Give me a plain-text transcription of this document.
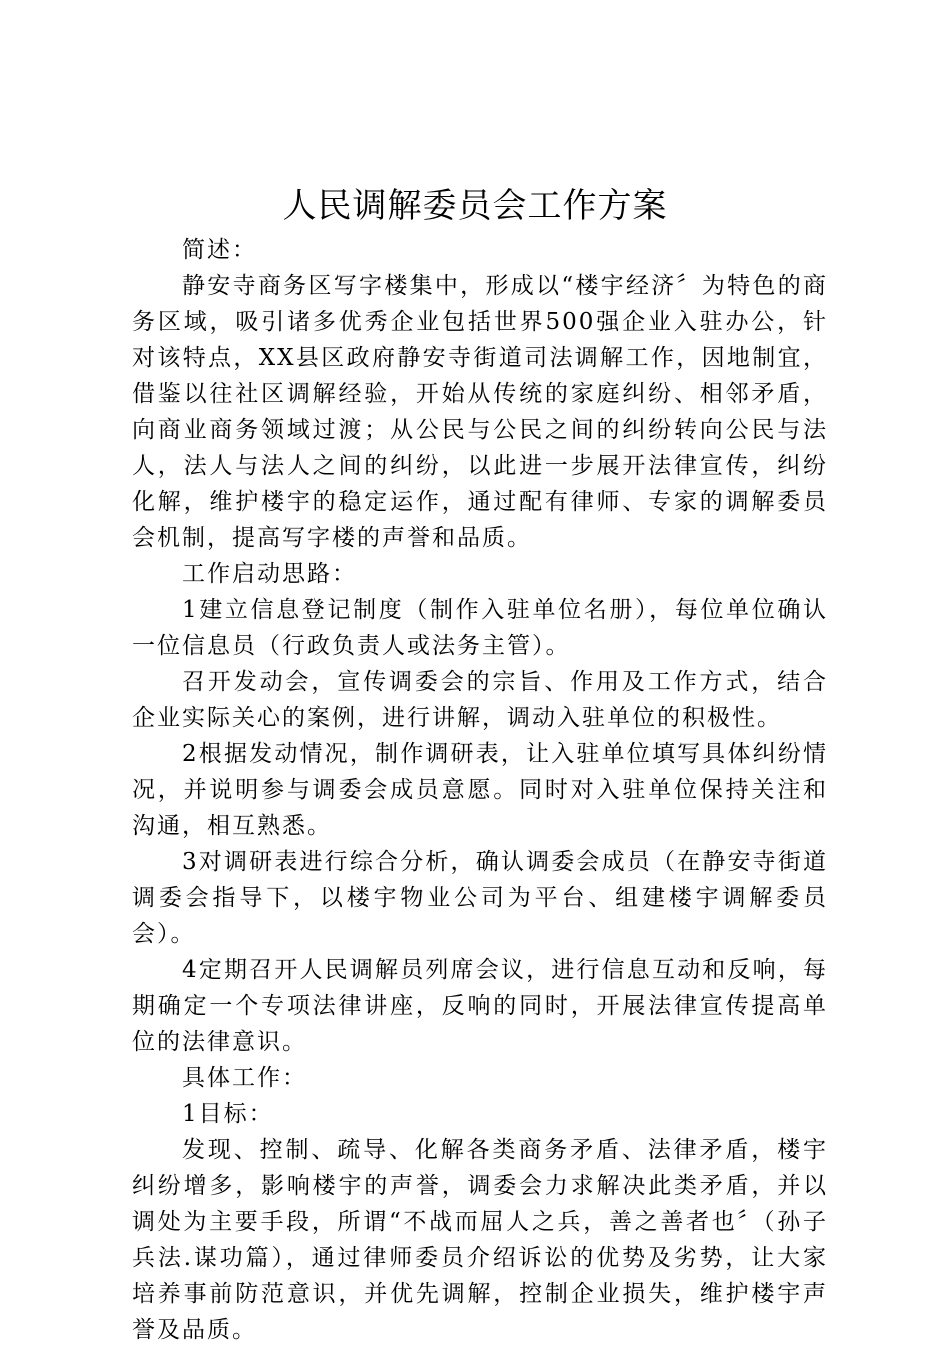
人民调解委员会工作方案

简述：

静安寺商务区写字楼集中，形成以“楼宇经济〞为特色的商务区域，吸引诸多优秀企业包括世界500强企业入驻办公，针对该特点，XX县区政府静安寺街道司法调解工作，因地制宜，借鉴以往社区调解经验，开始从传统的家庭纠纷、相邻矛盾，向商业商务领域过渡；从公民与公民之间的纠纷转向公民与法人，法人与法人之间的纠纷，以此进一步展开法律宣传，纠纷化解，维护楼宇的稳定运作，通过配有律师、专家的调解委员会机制，提高写字楼的声誉和品质。

工作启动思路：

1建立信息登记制度（制作入驻单位名册），每位单位确认一位信息员（行政负责人或法务主管）。

召开发动会，宣传调委会的宗旨、作用及工作方式，结合企业实际关心的案例，进行讲解，调动入驻单位的积极性。

2根据发动情况，制作调研表，让入驻单位填写具体纠纷情况，并说明参与调委会成员意愿。同时对入驻单位保持关注和沟通，相互熟悉。

3对调研表进行综合分析，确认调委会成员（在静安寺街道调委会指导下，以楼宇物业公司为平台、组建楼宇调解委员会）。

4定期召开人民调解员列席会议，进行信息互动和反响，每期确定一个专项法律讲座，反响的同时，开展法律宣传提高单位的法律意识。

具体工作：

1目标：

发现、控制、疏导、化解各类商务矛盾、法律矛盾，楼宇纠纷增多，影响楼宇的声誉，调委会力求解决此类矛盾，并以调处为主要手段，所谓“不战而屈人之兵，善之善者也〞（孙子兵法.谋功篇），通过律师委员介绍诉讼的优势及劣势，让大家培养事前防范意识，并优先调解，控制企业损失，维护楼宇声誉及品质。
